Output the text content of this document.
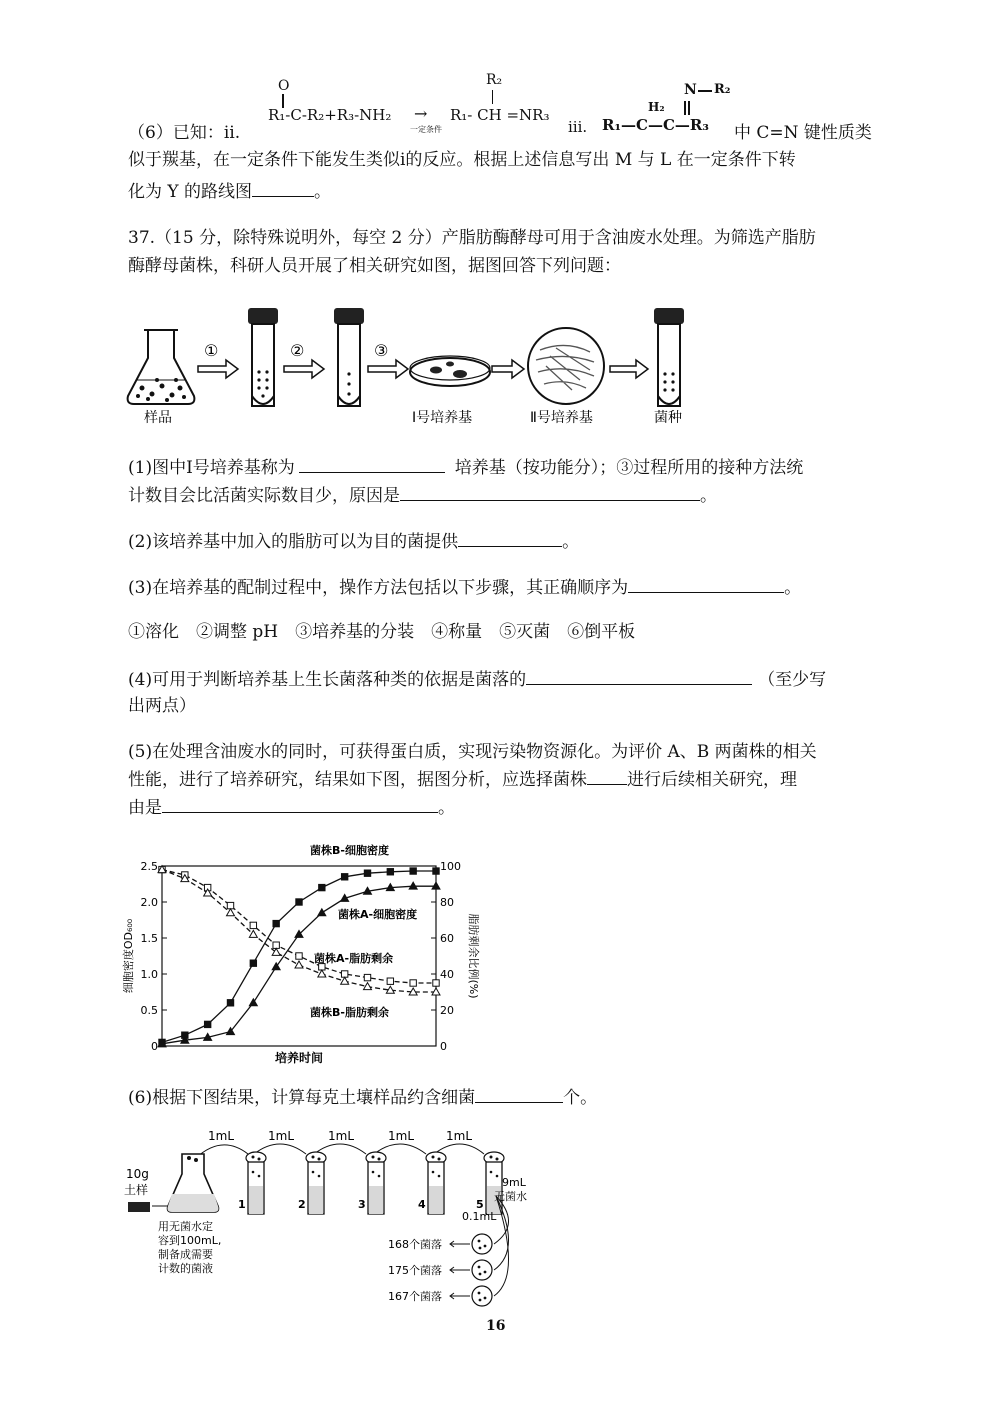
（6）已知：ⅱ.
O
R₁-C-R₂+R₃-NH₂ →
一定条件
R₂
R₁- CH =NR₃
ⅲ.
N R₂
H₂
R₁—C—C—R₃ 中 C=N 键性质类
似于羰基，在一定条件下能发生类似ⅰ的反应。根据上述信息写出 M 与 L 在一定条件下转
化为 Y 的路线图	。
37.（15 分，除特殊说明外，每空 2 分）产脂肪酶酵母可用于含油废水处理。为筛选产脂肪
酶酵母菌株，科研人员开展了相关研究如图，据图回答下列问题：
样品
①	②	③
Ⅰ号培养基	Ⅱ号培养基	菌种
(1)图中Ⅰ号培养基称为	培养基（按功能分）；③过程所用的接种方法统
计数目会比活菌实际数目少，原因是	。
(2)该培养基中加入的脂肪可以为目的菌提供	。
(3)在培养基的配制过程中，操作方法包括以下步骤，其正确顺序为	。
①溶化　②调整 pH　③培养基的分装　④称量　⑤灭菌　⑥倒平板
(4)可用于判断培养基上生长菌落种类的依据是菌落的	（至少写
出两点）
(5)在处理含油废水的同时，可获得蛋白质，实现污染物资源化。为评价 A、B 两菌株的相关
性能，进行了培养研究，结果如下图，据图分析，应选择菌株 进行后续相关研究，理
由是	。
0
0.5
1.0
1.5
2.0
2.5
0
20
40
60
80
100
菌株B-细胞密度
菌株A-细胞密度
菌株A-脂肪剩余
菌株B-脂肪剩余
培养时间
细胞密度OD₆₀₀	脂肪剩余比例(%)
(6)根据下图结果，计算每克土壤样品约含细菌	个。
1mL	1mL	1mL	1mL	1mL
10g
土样
用无菌水定
容到100mL,
制备成需要
计数的菌液
1	2	3	4	5
9mL
无菌水
0.1mL
168个菌落
175个菌落
167个菌落
16
